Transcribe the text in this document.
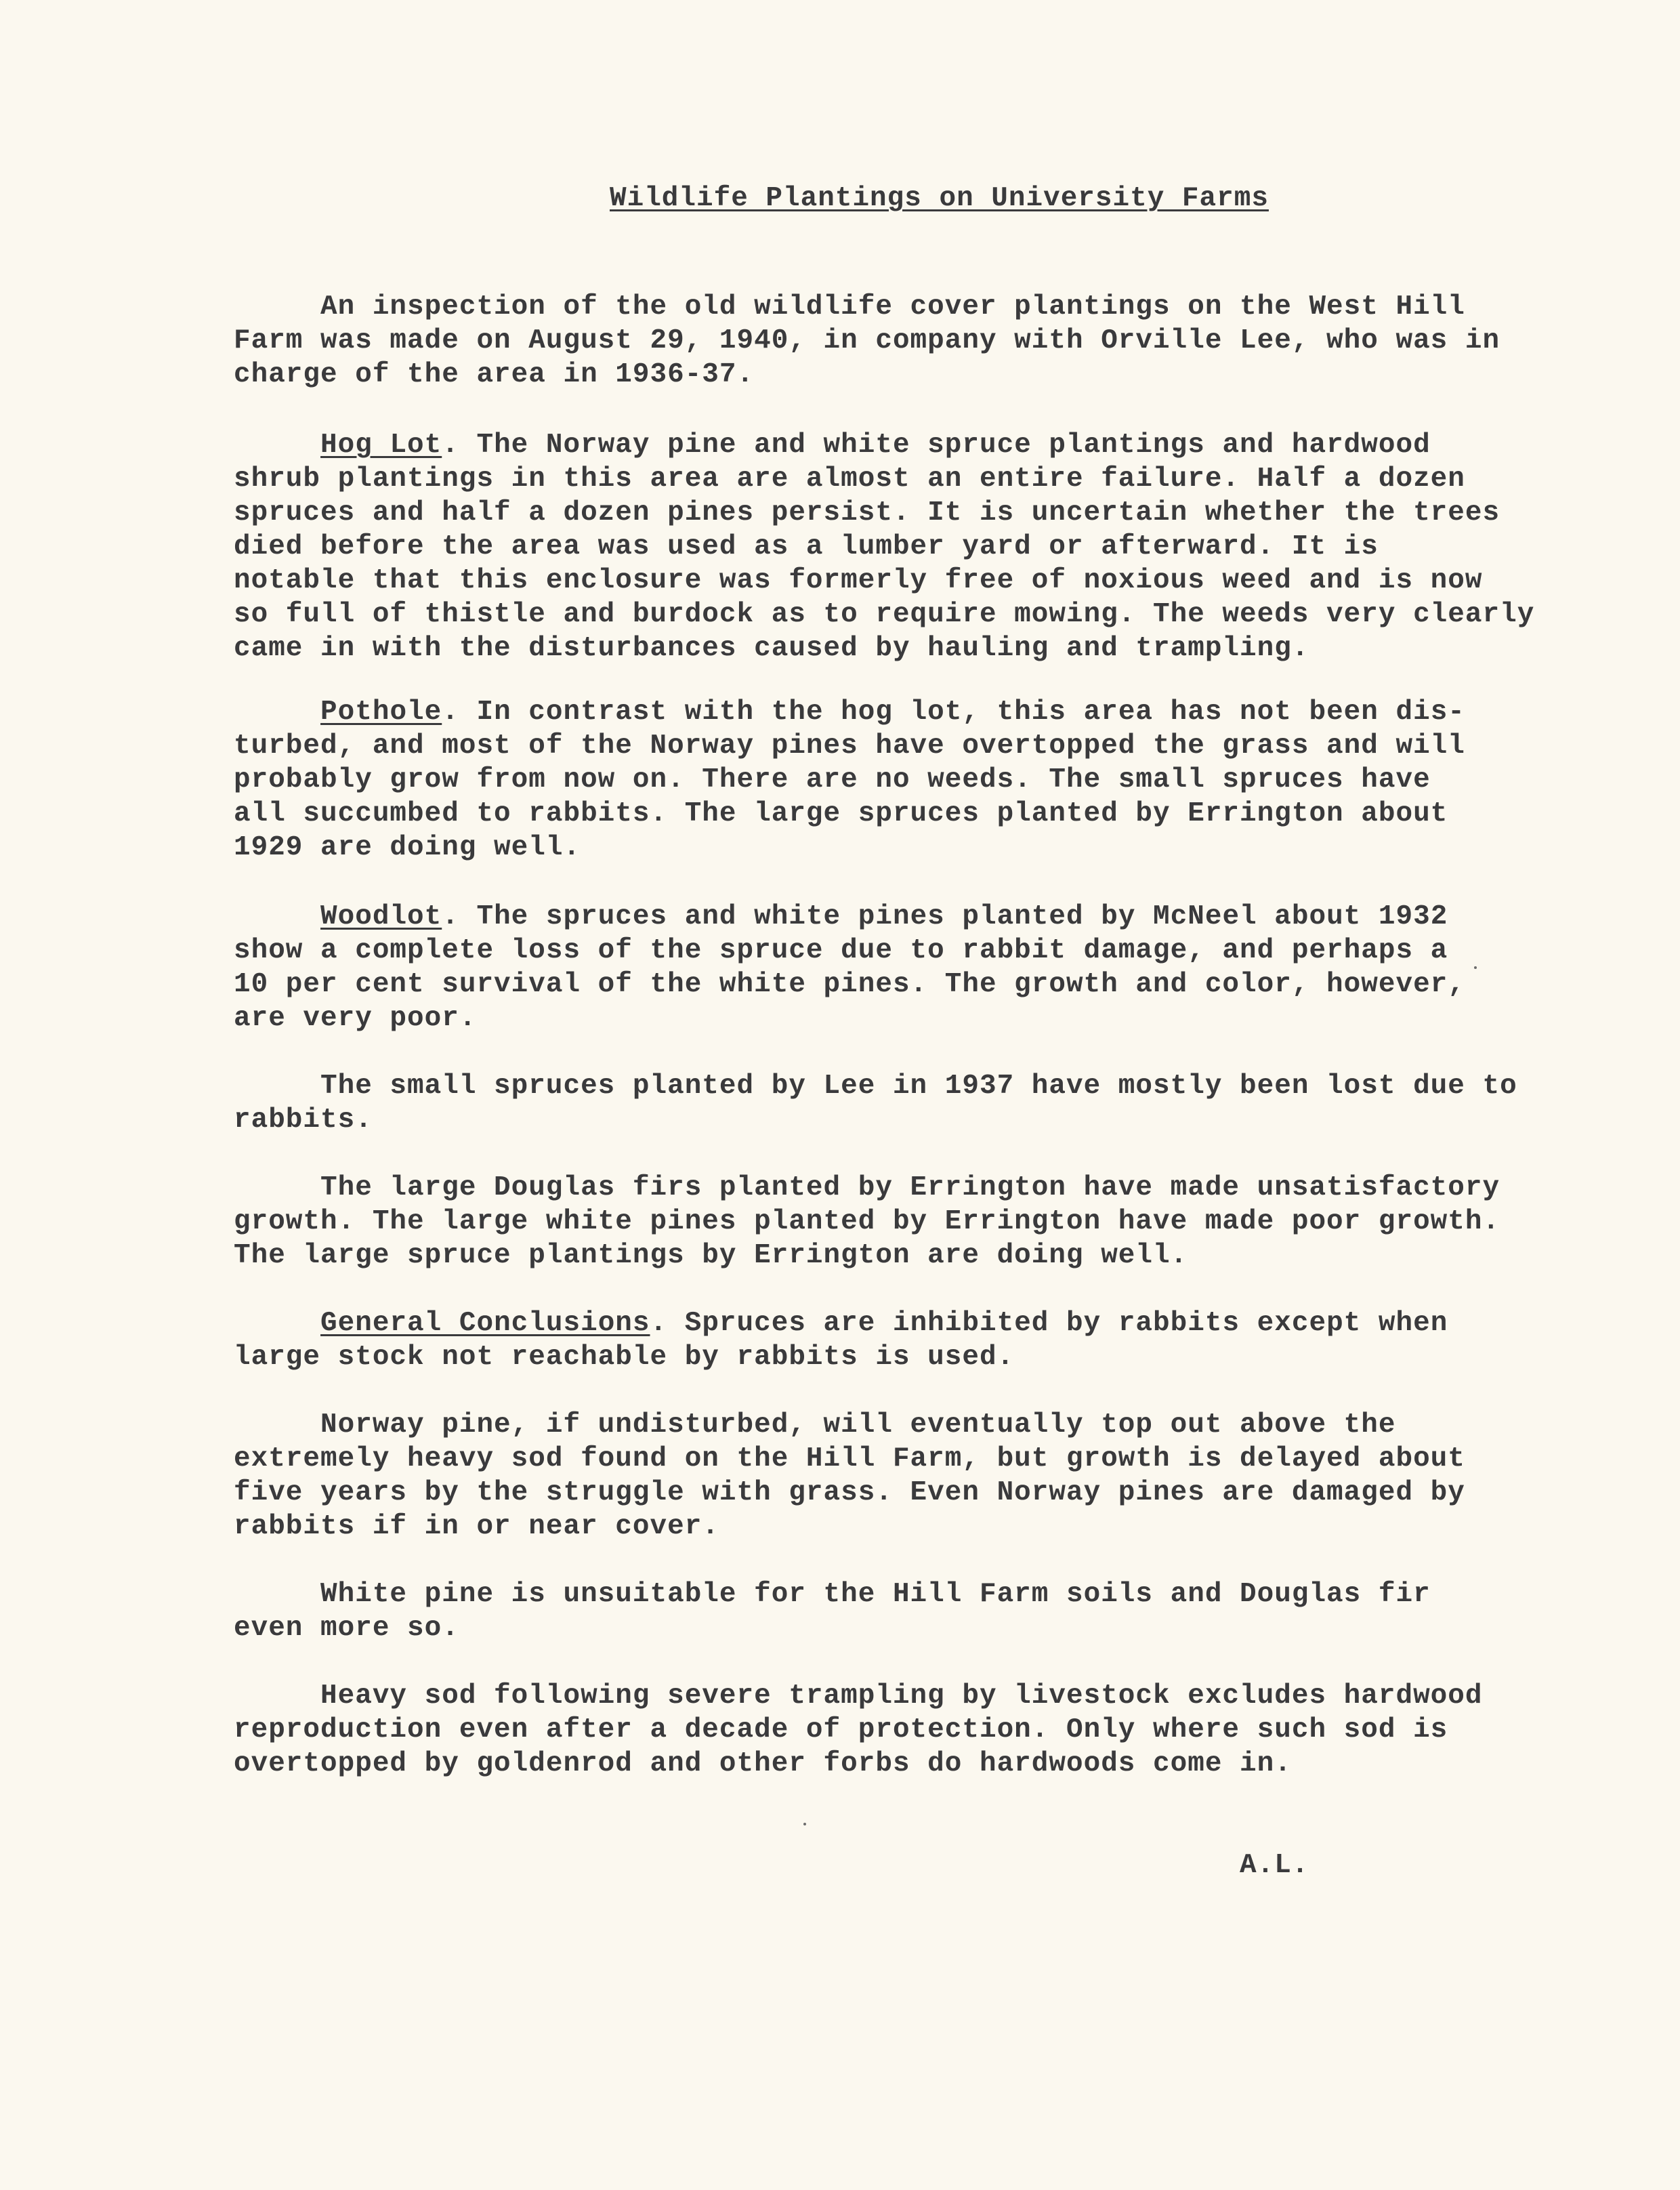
Wildlife Plantings on University Farms
An inspection of the old wildlife cover plantings on the West Hill
Farm was made on August 29, 1940, in company with Orville Lee, who was in
charge of the area in 1936-37.
Hog Lot. The Norway pine and white spruce plantings and hardwood
shrub plantings in this area are almost an entire failure. Half a dozen
spruces and half a dozen pines persist. It is uncertain whether the trees
died before the area was used as a lumber yard or afterward. It is
notable that this enclosure was formerly free of noxious weed and is now
so full of thistle and burdock as to require mowing. The weeds very clearly
came in with the disturbances caused by hauling and trampling.
Pothole. In contrast with the hog lot, this area has not been dis-
turbed, and most of the Norway pines have overtopped the grass and will
probably grow from now on. There are no weeds. The small spruces have
all succumbed to rabbits. The large spruces planted by Errington about
1929 are doing well.
Woodlot. The spruces and white pines planted by McNeel about 1932
show a complete loss of the spruce due to rabbit damage, and perhaps a
10 per cent survival of the white pines. The growth and color, however,
are very poor.
The small spruces planted by Lee in 1937 have mostly been lost due to
rabbits.
The large Douglas firs planted by Errington have made unsatisfactory
growth. The large white pines planted by Errington have made poor growth.
The large spruce plantings by Errington are doing well.
General Conclusions. Spruces are inhibited by rabbits except when
large stock not reachable by rabbits is used.
Norway pine, if undisturbed, will eventually top out above the
extremely heavy sod found on the Hill Farm, but growth is delayed about
five years by the struggle with grass. Even Norway pines are damaged by
rabbits if in or near cover.
White pine is unsuitable for the Hill Farm soils and Douglas fir
even more so.
Heavy sod following severe trampling by livestock excludes hardwood
reproduction even after a decade of protection. Only where such sod is
overtopped by goldenrod and other forbs do hardwoods come in.
A.L.
